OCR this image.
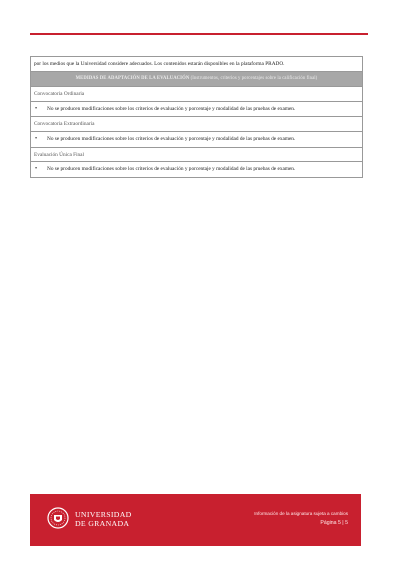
por los medios que la Universidad considere adecuados. Los contenidos estarán disponibles en la plataforma PRADO.
MEDIDAS DE ADAPTACIÓN DE LA EVALUACIÓN (Instrumentos, criterios y porcentajes sobre la calificación final)
Convocatoria Ordinaria
•	No se producen modificaciones sobre los criterios de evaluación y porcentaje y modalidad de las pruebas de examen.
Convocatoria Extraordinaria
•	No se producen modificaciones sobre los criterios de evaluación y porcentaje y modalidad de las pruebas de examen.
Evaluación Única Final
•	No se producen modificaciones sobre los criterios de evaluación y porcentaje y modalidad de las pruebas de examen.
UNIVERSIDAD
DE GRANADA
Información de la asignatura sujeta a cambios
Página 5 | 5
